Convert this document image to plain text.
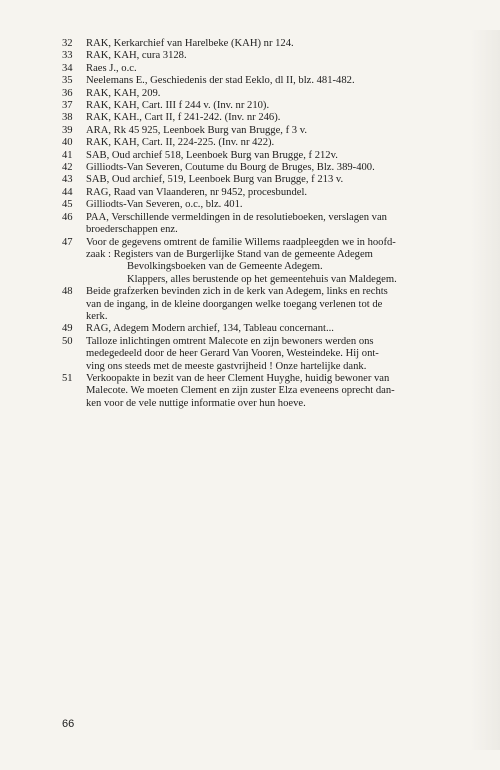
32	RAK, Kerkarchief van Harelbeke (KAH) nr 124.
33	RAK, KAH, cura 3128.
34	Raes J., o.c.
35	Neelemans E., Geschiedenis der stad Eeklo, dl II, blz. 481-482.
36	RAK, KAH, 209.
37	RAK, KAH, Cart. III f 244 v. (Inv. nr 210).
38	RAK, KAH., Cart II, f 241-242. (Inv. nr 246).
39	ARA, Rk 45 925, Leenboek Burg van Brugge, f 3 v.
40	RAK, KAH, Cart. II, 224-225. (Inv. nr 422).
41	SAB, Oud archief 518, Leenboek Burg van Brugge, f 212v.
42	Gilliodts-Van Severen, Coutume du Bourg de Bruges, Blz. 389-400.
43	SAB, Oud archief, 519, Leenboek Burg van Brugge, f 213 v.
44	RAG, Raad van Vlaanderen, nr 9452, procesbundel.
45	Gilliodts-Van Severen, o.c., blz. 401.
46	PAA, Verschillende vermeldingen in de resolutieboeken, verslagen van
broederschappen enz.
47	Voor de gegevens omtrent de familie Willems raadpleegden we in hoofd-
zaak : Registers van de Burgerlijke Stand van de gemeente Adegem
Bevolkingsboeken van de Gemeente Adegem.
Klappers, alles berustende op het gemeentehuis van Maldegem.
48	Beide grafzerken bevinden zich in de kerk van Adegem, links en rechts
van de ingang, in de kleine doorgangen welke toegang verlenen tot de
kerk.
49	RAG, Adegem Modern archief, 134, Tableau concernant...
50	Talloze inlichtingen omtrent Malecote en zijn bewoners werden ons
medegedeeld door de heer Gerard Van Vooren, Westeindeke. Hij ont-
ving ons steeds met de meeste gastvrijheid ! Onze hartelijke dank.
51	Verkoopakte in bezit van de heer Clement Huyghe, huidig bewoner van
Malecote. We moeten Clement en zijn zuster Elza eveneens oprecht dan-
ken voor de vele nuttige informatie over hun hoeve.
66
